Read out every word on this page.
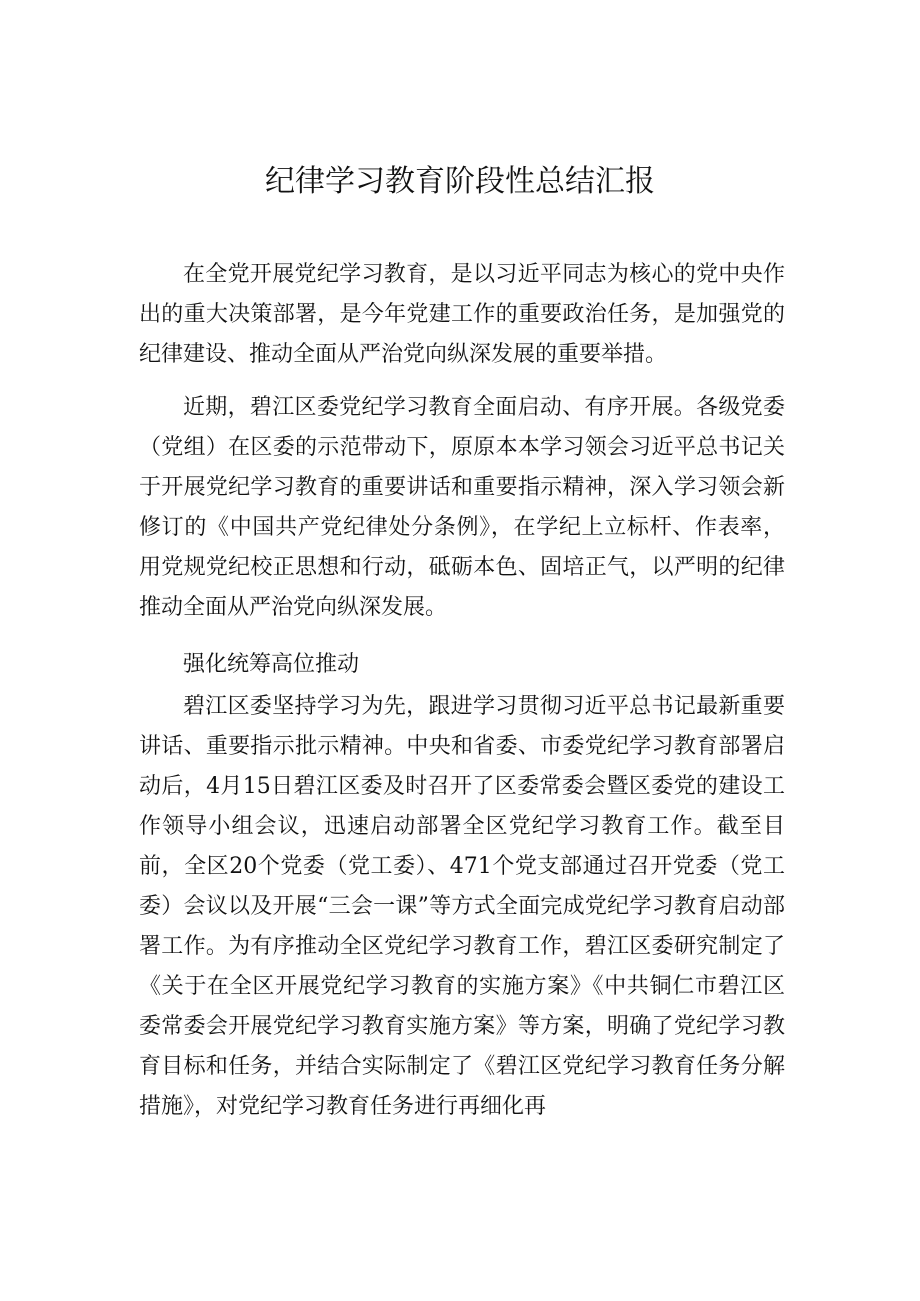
纪律学习教育阶段性总结汇报

在全党开展党纪学习教育，是以习近平同志为核心的党中央作出的重大决策部署，是今年党建工作的重要政治任务，是加强党的纪律建设、推动全面从严治党向纵深发展的重要举措。

近期，碧江区委党纪学习教育全面启动、有序开展。各级党委（党组）在区委的示范带动下，原原本本学习领会习近平总书记关于开展党纪学习教育的重要讲话和重要指示精神，深入学习领会新修订的《中国共产党纪律处分条例》，在学纪上立标杆、作表率，用党规党纪校正思想和行动，砥砺本色、固培正气，以严明的纪律推动全面从严治党向纵深发展。

强化统筹高位推动

碧江区委坚持学习为先，跟进学习贯彻习近平总书记最新重要讲话、重要指示批示精神。中央和省委、市委党纪学习教育部署启动后，4月15日碧江区委及时召开了区委常委会暨区委党的建设工作领导小组会议，迅速启动部署全区党纪学习教育工作。截至目前，全区20个党委（党工委）、471个党支部通过召开党委（党工委）会议以及开展“三会一课”等方式全面完成党纪学习教育启动部署工作。为有序推动全区党纪学习教育工作，碧江区委研究制定了《关于在全区开展党纪学习教育的实施方案》《中共铜仁市碧江区委常委会开展党纪学习教育实施方案》等方案，明确了党纪学习教育目标和任务，并结合实际制定了《碧江区党纪学习教育任务分解措施》，对党纪学习教育任务进行再细化再
